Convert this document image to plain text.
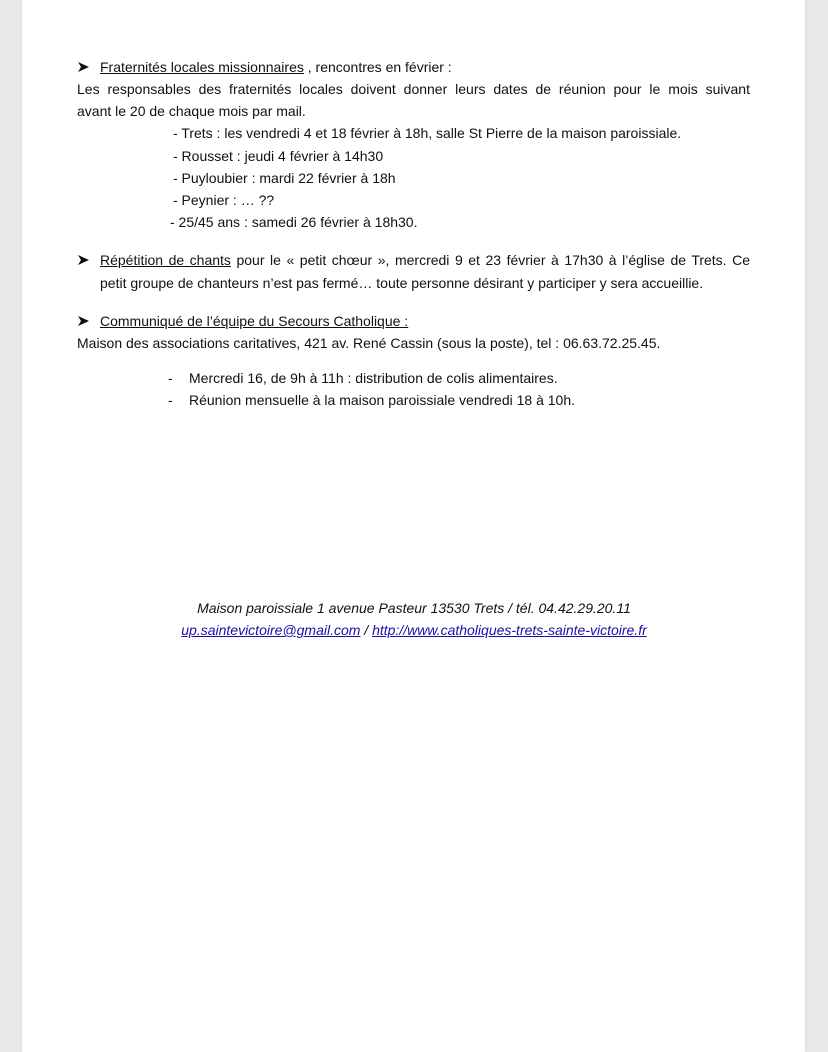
Fraternités locales missionnaires , rencontres en février :
Les responsables des fraternités locales doivent donner leurs dates de réunion pour le mois suivant
avant le 20 de chaque mois par mail.
- Trets : les vendredi 4 et 18 février à 18h, salle St Pierre de la maison paroissiale.
- Rousset : jeudi 4 février à 14h30
- Puyloubier : mardi 22 février à 18h
- Peynier : … ??
- 25/45 ans : samedi 26 février à 18h30.
Répétition de chants pour le « petit chœur », mercredi 9 et 23 février à 17h30 à l’église de Trets. Ce
petit groupe de chanteurs n’est pas fermé… toute personne désirant y participer y sera accueillie.
Communiqué de l’équipe du Secours Catholique :
Maison des associations caritatives, 421 av. René Cassin (sous la poste), tel : 06.63.72.25.45.
- Mercredi 16, de 9h à 11h : distribution de colis alimentaires.
- Réunion mensuelle à la maison paroissiale vendredi 18 à 10h.
Maison paroissiale 1 avenue Pasteur 13530 Trets / tél. 04.42.29.20.11
up.saintevictoire@gmail.com / http://www.catholiques-trets-sainte-victoire.fr
